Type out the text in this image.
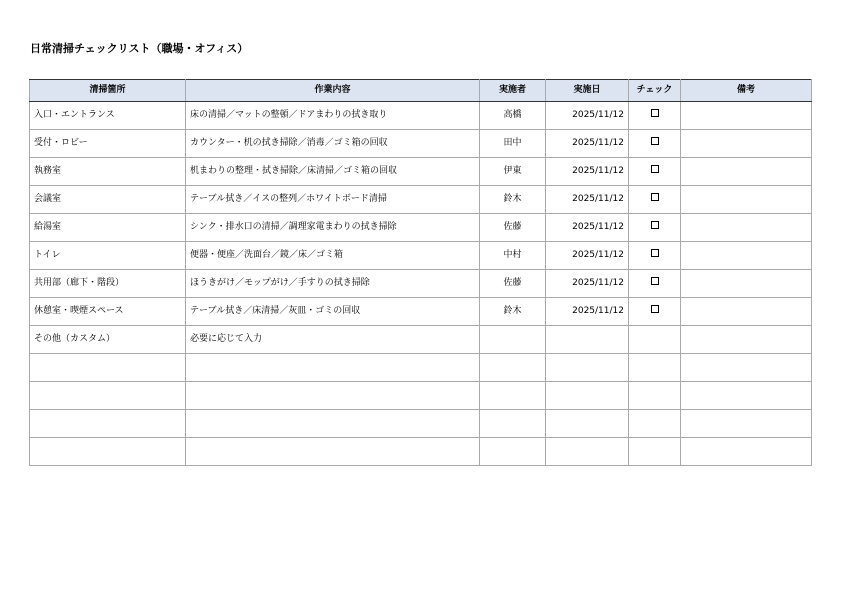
日常清掃チェックリスト（職場・オフィス）
清掃箇所	作業内容	実施者	実施日	チェック	備考
入口・エントランス	床の清掃／マットの整頓／ドアまわりの拭き取り	高橋	2025/11/12		
受付・ロビー	カウンター・机の拭き掃除／消毒／ゴミ箱の回収	田中	2025/11/12		
執務室	机まわりの整理・拭き掃除／床清掃／ゴミ箱の回収	伊東	2025/11/12		
会議室	テーブル拭き／イスの整列／ホワイトボード清掃	鈴木	2025/11/12		
給湯室	シンク・排水口の清掃／調理家電まわりの拭き掃除	佐藤	2025/11/12		
トイレ	便器・便座／洗面台／鏡／床／ゴミ箱	中村	2025/11/12		
共用部（廊下・階段）	ほうきがけ／モップがけ／手すりの拭き掃除	佐藤	2025/11/12		
休憩室・喫煙スペース	テーブル拭き／床清掃／灰皿・ゴミの回収	鈴木	2025/11/12		
その他（カスタム）	必要に応じて入力				
